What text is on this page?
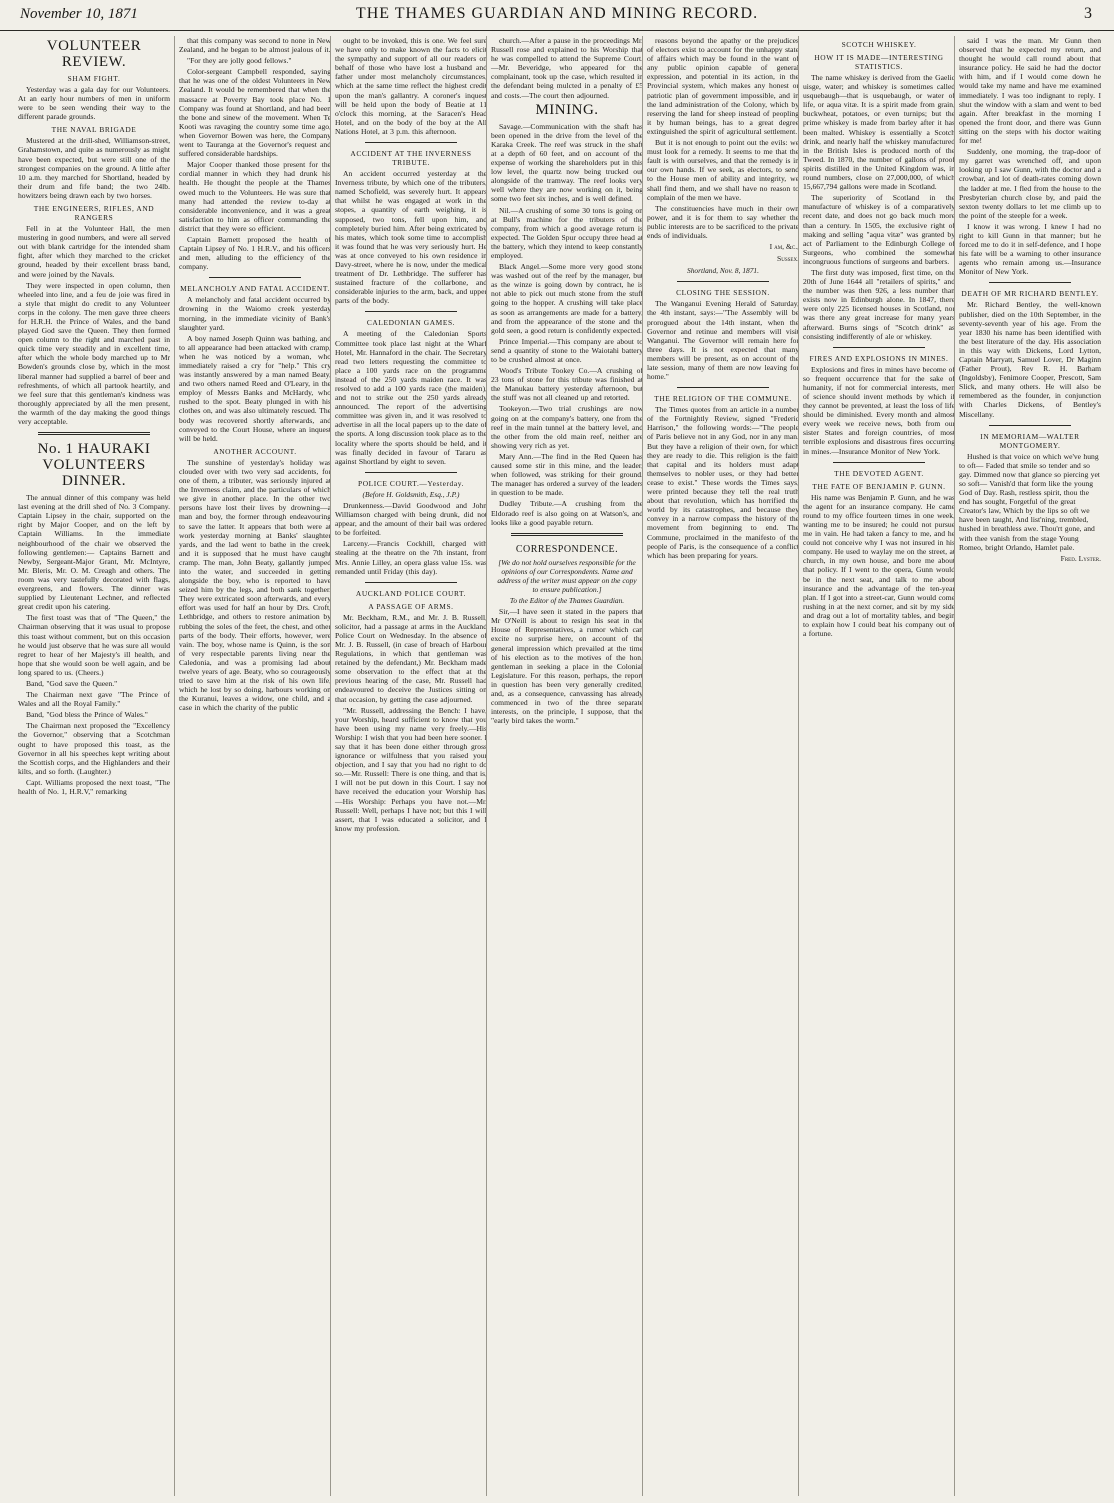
November 10, 1871	THE THAMES GUARDIAN AND MINING RECORD.	3
VOLUNTEER REVIEW.
SHAM FIGHT.

Yesterday was a gala day for our Volunteers. At an early hour numbers of men in uniform were to be seen wending their way to the different parade grounds.

THE NAVAL BRIGADE

Mustered at the drill-shed, Williamson-street, Grahamstown, and quite as numerously as might have been expected, but were still one of the strongest companies on the ground. A little after 10 a.m. they marched for Shortland, headed by their drum and fife band; the two 24lb. howitzers being drawn each by two horses.

THE ENGINEERS, RIFLES, AND RANGERS

Fell in at the Volunteer Hall, the men mustering in good numbers, and were all served out with blank cartridge for the intended sham fight, after which they marched to the cricket ground, headed by their excellent brass band, and were joined by the Navals.

They were inspected in open column, then wheeled into line, and a feu de joie was fired in a style that might do credit to any Volunteer corps in the colony. The men gave three cheers for H.R.H. the Prince of Wales, and the band played God save the Queen. They then formed open column to the right and marched past in quick time very steadily and in excellent time, after which the whole body marched up to Mr Bowden's grounds close by, which in the most liberal manner had supplied a barrel of beer and refreshments, of which all partook heartily, and we feel sure that this gentleman's kindness was thoroughly appreciated by all the men present, the warmth of the day making the good things very acceptable.

No. 1 HAURAKI VOLUNTEERS DINNER.

The annual dinner of this company was held last evening at the drill shed of No. 3 Company. Captain Lipsey in the chair, supported on the right by Major Cooper, and on the left by Captain Williams. In the immediate neighbourhood of the chair we observed the following gentlemen:— Captains Barnett and Newby, Sergeant-Major Grant, Mr. McIntyre, Mr. Bleris, Mr. O. M. Creagh and others. The room was very tastefully decorated with flags, evergreens, and flowers. The dinner was supplied by Lieutenant Lechner, and reflected great credit upon his catering.

The first toast was that of "The Queen," the Chairman observing that it was usual to propose this toast without comment, but on this occasion he would just observe that he was sure all would regret to hear of her Majesty's ill health, and hope that she would soon be well again, and be long spared to us. (Cheers.)

Band, "God save the Queen."

The Chairman next gave "The Prince of Wales and all the Royal Family."

Band, "God bless the Prince of Wales."

The Chairman next proposed the "Excellency the Governor," observing that a Scotchman ought to have proposed this toast, as the Governor in all his speeches kept writing about the Scottish corps, and the Highlanders and their kilts, and so forth. (Laughter.)

Capt. Williams proposed the next toast, "The health of No. 1, H.R.V," remarking

that this company was second to none in New Zealand, and he began to be almost jealous of it.

"For they are jolly good fellows."

Color-sergeant Campbell responded, saying that he was one of the oldest Volunteers in New Zealand. It would be remembered that when the massacre at Poverty Bay took place No. 1 Company was found at Shortland, and had been the bone and sinew of the movement. When Te Kooti was ravaging the country some time ago, when Governor Bowen was here, the Company went to Tauranga at the Governor's request and suffered considerable hardships.

Major Cooper thanked those present for the cordial manner in which they had drunk his health. He thought the people at the Thames owed much to the Volunteers. He was sure that many had attended the review to-day at considerable inconvenience, and it was a great satisfaction to him as officer commanding the district that they were so efficient.

Captain Barnett proposed the health of Captain Lipsey of No. 1 H.R.V., and his officers and men, alluding to the efficiency of the company.

MELANCHOLY AND FATAL ACCIDENT.

A melancholy and fatal accident occurred by drowning in the Waiomo creek yesterday morning, in the immediate vicinity of Bank's slaughter yard.

A boy named Joseph Quinn was bathing, and to all appearance had been attacked with cramp, when he was noticed by a woman, who immediately raised a cry for "help." This cry was instantly answered by a man named Beaty, and two others named Reed and O'Leary, in the employ of Messrs Banks and McHardy, who rushed to the spot. Beaty plunged in with his clothes on, and was also ultimately rescued. The body was recovered shortly afterwards, and conveyed to the Court House, where an inquest will be held.

ANOTHER ACCOUNT.

The sunshine of yesterday's holiday was clouded over with two very sad accidents, for one of them, a tributer, was seriously injured at the Inverness claim, and the particulars of which we give in another place. In the other two persons have lost their lives by drowning—a man and boy, the former through endeavouring to save the latter. It appears that both were at work yesterday morning at Banks' slaughter yards, and the lad went to bathe in the creek, and it is supposed that he must have caught cramp. The man, John Beaty, gallantly jumped into the water, and succeeded in getting alongside the boy, who is reported to have seized him by the legs, and both sank together. They were extricated soon afterwards, and every effort was used for half an hour by Drs. Croft, Lethbridge, and others to restore animation by rubbing the soles of the feet, the chest, and other parts of the body. Their efforts, however, were vain. The boy, whose name is Quinn, is the son of very respectable parents living near the Caledonia, and was a promising lad about twelve years of age. Beaty, who so courageously tried to save him at the risk of his own life, which he lost by so doing, harbours working on the Kuranui, leaves a widow, one child, and a case in which the charity of the public

ought to be invoked, this is one. We feel sure we have only to make known the facts to elicit the sympathy and support of all our readers on behalf of those who have lost a husband and father under most melancholy circumstances, which at the same time reflect the highest credit upon the man's gallantry. A coroner's inquest will be held upon the body of Beatie at 11 o'clock this morning, at the Saracen's Head Hotel, and on the body of the boy at the All Nations Hotel, at 3 p.m. this afternoon.

ACCIDENT AT THE INVERNESS TRIBUTE.

An accident occurred yesterday at the Inverness tribute, by which one of the tributers, named Schofield, was severely hurt. It appears that whilst he was engaged at work in the stopes, a quantity of earth weighing, it is supposed, two tons, fell upon him, and completely buried him. After being extricated by his mates, which took some time to accomplish it was found that he was very seriously hurt. He was at once conveyed to his own residence in Davy-street, where he is now, under the medical treatment of Dr. Lethbridge. The sufferer has sustained fracture of the collarbone, and considerable injuries to the arm, back, and upper parts of the body.

CALEDONIAN GAMES.

A meeting of the Caledonian Sports Committee took place last night at the Wharf Hotel, Mr. Hannaford in the chair. The Secretary read two letters requesting the committee to place a 100 yards race on the programme instead of the 250 yards maiden race. It was resolved to add a 100 yards race (the maiden), and not to strike out the 250 yards already announced. The report of the advertising committee was given in, and it was resolved to advertise in all the local papers up to the date of the sports. A long discussion took place as to the locality where the sports should be held, and it was finally decided in favour of Tararu as against Shortland by eight to seven.

POLICE COURT.—Yesterday.
(Before H. Goldsmith, Esq., J.P.)

Drunkenness.—David Goodwood and John Williamson charged with being drunk, did not appear, and the amount of their bail was ordered to be forfeited.

Larceny.—Francis Cockhill, charged with stealing at the theatre on the 7th instant, from Mrs. Annie Lilley, an opera glass value 15s. was remanded until Friday (this day).

AUCKLAND POLICE COURT.
A PASSAGE OF ARMS.

Mr. Beckham, R.M., and Mr. J. B. Russell, solicitor, had a passage at arms in the Auckland Police Court on Wednesday. In the absence of Mr. J. B. Russell, (in case of breach of Harbour Regulations, in which that gentleman was retained by the defendant,) Mr. Beckham made some observation to the effect that at the previous hearing of the case, Mr. Russell had endeavoured to deceive the Justices sitting on that occasion, by getting the case adjourned.

"Mr. Russell, addressing the Bench: I have, your Worship, heard sufficient to know that you have been using my name very freely.—His Worship: I wish that you had been here sooner. I say that it has been done either through gross ignorance or wilfulness that you raised your objection, and I say that you had no right to do so.—Mr. Russell: There is one thing, and that is, I will not be put down in this Court. I say not have received the education your Worship has.—His Worship: Perhaps you have not.—Mr. Russell: Well, perhaps I have not; but this I will assert, that I was educated a solicitor, and I know my profession.

church.—After a pause in the proceedings Mr. Russell rose and explained to his Worship that he was compelled to attend the Supreme Court.—Mr. Beveridge, who appeared for the complainant, took up the case, which resulted in the defendant being mulcted in a penalty of £5 and costs.—The court then adjourned.

MINING.

Savage.—Communication with the shaft has been opened in the drive from the level of the Karaka Creek. The reef was struck in the shaft at a depth of 60 feet, and on account of the expense of working the shareholders put in this low level, the quartz now being trucked out alongside of the tramway. The reef looks very well where they are now working on it, being some two feet six inches, and is well defined.

Nil.—A crushing of some 30 tons is going on at Bull's machine for the tributers of the company, from which a good average return is expected. The Golden Spur occupy three head at the battery, which they intend to keep constantly employed.

Black Angel.—Some more very good stone was washed out of the reef by the manager, but as the winze is going down by contract, he is not able to pick out much stone from the stuff going to the hopper. A crushing will take place as soon as arrangements are made for a battery, and from the appearance of the stone and the gold seen, a good return is confidently expected.

Prince Imperial.—This company are about to send a quantity of stone to the Waiotahi battery to be crushed almost at once.

Wood's Tribute Tookey Co.—A crushing of 23 tons of stone for this tribute was finished at the Manukau battery yesterday afternoon, but the stuff was not all cleaned up and retorted.

Tookeyon.—Two trial crushings are now going on at the company's battery, one from the reef in the main tunnel at the battery level, and the other from the old main reef, neither are showing very rich as yet.

Mary Ann.—The find in the Red Queen has caused some stir in this mine, and the leader, when followed, was striking for their ground. The manager has ordered a survey of the leaders in question to be made.

Dudley Tribute.—A crushing from the Eldorado reef is also going on at Watson's, and looks like a good payable return.

CORRESPONDENCE.
[We do not hold ourselves responsible for the opinions of our Correspondents. Name and address of the writer must appear on the copy to ensure publication.]
To the Editor of the Thames Guardian.

Sir,—I have seen it stated in the papers that Mr O'Neill is about to resign his seat in the House of Representatives, a rumor which can excite no surprise here, on account of the general impression which prevailed at the time of his election as to the motives of the hon. gentleman in seeking a place in the Colonial Legislature. For this reason, perhaps, the report in question has been very generally credited, and, as a consequence, canvassing has already commenced in two of the three separate interests, on the principle, I suppose, that the "early bird takes the worm."

reasons beyond the apathy or the prejudices of electors exist to account for the unhappy state of affairs which may be found in the want of any public opinion capable of general expression, and potential in its action, in the Provincial system, which makes any honest or patriotic plan of government impossible, and in the land administration of the Colony, which by reserving the land for sheep instead of peopling it by human beings, has to a great degree extinguished the spirit of agricultural settlement.

But it is not enough to point out the evils: we must look for a remedy. It seems to me that the fault is with ourselves, and that the remedy is in our own hands. If we seek, as electors, to send to the House men of ability and integrity, we shall find them, and we shall have no reason to complain of the men we have.

The constituencies have much in their own power, and it is for them to say whether the public interests are to be sacrificed to the private ends of individuals.

I am, &c.,
Sussex.
Shortland, Nov. 8, 1871.
CLOSING THE SESSION.

The Wanganui Evening Herald of Saturday, the 4th instant, says:—"The Assembly will be prorogued about the 14th instant, when the Governor and retinue and members will visit Wanganui. The Governor will remain here for three days. It is not expected that many members will be present, as on account of the late session, many of them are now leaving for home."

THE RELIGION OF THE COMMUNE.

The Times quotes from an article in a number of the Fortnightly Review, signed "Frederic Harrison," the following words:—"The people of Paris believe not in any God, nor in any man. But they have a religion of their own, for which they are ready to die. This religion is the faith that capital and its holders must adapt themselves to nobler uses, or they had better cease to exist." These words the Times says, were printed because they tell the real truth about that revolution, which has horrified the world by its catastrophes, and because they convey in a narrow compass the history of the movement from beginning to end. The Commune, proclaimed in the manifesto of the people of Paris, is the consequence of a conflict which has been preparing for years.

SCOTCH WHISKEY.
HOW IT IS MADE—INTERESTING STATISTICS.

The name whiskey is derived from the Gaelic uisge, water; and whiskey is sometimes called usquebaugh—that is usquebaugh, or water of life, or aqua vitæ. It is a spirit made from grain, buckwheat, potatoes, or even turnips; but the prime whiskey is made from barley after it has been malted. Whiskey is essentially a Scotch drink, and nearly half the whiskey manufactured in the British Isles is produced north of the Tweed. In 1870, the number of gallons of proof spirits distilled in the United Kingdom was, in round numbers, close on 27,000,000, of which 15,667,794 gallons were made in Scotland.

The superiority of Scotland in the manufacture of whiskey is of a comparatively recent date, and does not go back much more than a century. In 1505, the exclusive right of making and selling "aqua vitæ" was granted by act of Parliament to the Edinburgh College of Surgeons, who combined the somewhat incongruous functions of surgeons and barbers.

The first duty was imposed, first time, on the 20th of June 1644 all "retailers of spirits," and the number was then 926, a less number than exists now in Edinburgh alone. In 1847, there were only 225 licensed houses in Scotland, nor was there any great increase for many years afterward. Burns sings of "Scotch drink" as consisting indifferently of ale or whiskey.

FIRES AND EXPLOSIONS IN MINES.

Explosions and fires in mines have become of so frequent occurrence that for the sake of humanity, if not for commercial interests, men of science should invent methods by which if they cannot be prevented, at least the loss of life should be diminished. Every month and almost every week we receive news, both from our sister States and foreign countries, of most terrible explosions and disastrous fires occurring in mines.—Insurance Monitor of New York.

THE DEVOTED AGENT.
THE FATE OF BENJAMIN P. GUNN.

His name was Benjamin P. Gunn, and he was the agent for an insurance company. He came round to my office fourteen times in one week, wanting me to be insured; he could not pursue me in vain. He had taken a fancy to me, and he could not conceive why I was not insured in his company. He used to waylay me on the street, at church, in my own house, and bore me about that policy. If I went to the opera, Gunn would be in the next seat, and talk to me about insurance and the advantage of the ten-year plan. If I got into a street-car, Gunn would come rushing in at the next corner, and sit by my side and drag out a lot of mortality tables, and begin to explain how I could beat his company out of a fortune.

said I was the man. Mr Gunn then observed that he expected my return, and thought he would call round about that insurance policy. He said he had the doctor with him, and if I would come down he would take my name and have me examined immediately. I was too indignant to reply. I shut the window with a slam and went to bed again. After breakfast in the morning I opened the front door, and there was Gunn sitting on the steps with his doctor waiting for me!

Suddenly, one morning, the trap-door of my garret was wrenched off, and upon looking up I saw Gunn, with the doctor and a crowbar, and lot of death-rates coming down the ladder at me. I fled from the house to the Presbyterian church close by, and paid the sexton twenty dollars to let me climb up to the point of the steeple for a week.

I know it was wrong. I knew I had no right to kill Gunn in that manner; but he forced me to do it in self-defence, and I hope his fate will be a warning to other insurance agents who remain among us.—Insurance Monitor of New York.

DEATH OF MR RICHARD BENTLEY.

Mr. Richard Bentley, the well-known publisher, died on the 10th September, in the seventy-seventh year of his age. From the year 1830 his name has been identified with the best literature of the day. His association in this way with Dickens, Lord Lytton, Captain Marryatt, Samuel Lover, Dr Maginn (Father Prout), Rev R. H. Barham (Ingoldsby), Fenimore Cooper, Prescott, Sam Slick, and many others. He will also be remembered as the founder, in conjunction with Charles Dickens, of Bentley's Miscellany.

IN MEMORIAM—WALTER MONTGOMERY.

Hushed is that voice on which we've hung to oft— Faded that smile so tender and so gay. Dimmed now that glance so piercing yet so soft— Vanish'd that form like the young God of Day. Rash, restless spirit, thou the end has sought, Forgetful of the great Creator's law, Which by the lips so oft we have been taught, And list'ning, trembled, hushed in breathless awe. Thou'rt gone, and with thee vanish from the stage Young Romeo, bright Orlando, Hamlet pale.

Fred. Lyster.
